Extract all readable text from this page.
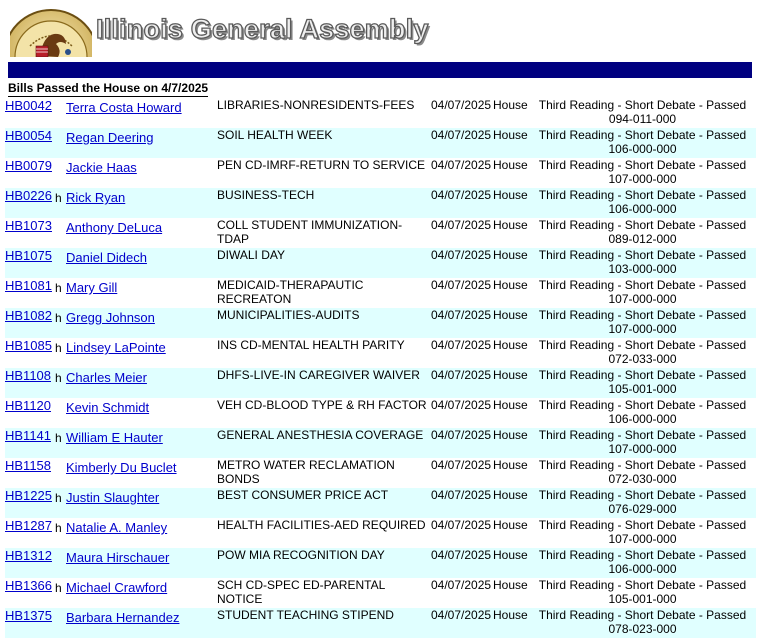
Illinois General Assembly
Bills Passed the House on 4/7/2025
HB0042		Terra Costa Howard	LIBRARIES-NONRESIDENTS-FEES	04/07/2025	House	Third Reading - Short Debate - Passed
094-011-000

HB0054		Regan Deering	SOIL HEALTH WEEK	04/07/2025	House	Third Reading - Short Debate - Passed
106-000-000

HB0079		Jackie Haas	PEN CD-IMRF-RETURN TO SERVICE	04/07/2025	House	Third Reading - Short Debate - Passed
107-000-000

HB0226	h	Rick Ryan	BUSINESS-TECH	04/07/2025	House	Third Reading - Short Debate - Passed
106-000-000

HB1073		Anthony DeLuca	COLL STUDENT IMMUNIZATION-TDAP	04/07/2025	House	Third Reading - Short Debate - Passed
089-012-000

HB1075		Daniel Didech	DIWALI DAY	04/07/2025	House	Third Reading - Short Debate - Passed
103-000-000

HB1081	h	Mary Gill	MEDICAID-THERAPAUTIC RECREATON	04/07/2025	House	Third Reading - Short Debate - Passed
107-000-000

HB1082	h	Gregg Johnson	MUNICIPALITIES-AUDITS	04/07/2025	House	Third Reading - Short Debate - Passed
107-000-000

HB1085	h	Lindsey LaPointe	INS CD-MENTAL HEALTH PARITY	04/07/2025	House	Third Reading - Short Debate - Passed
072-033-000

HB1108	h	Charles Meier	DHFS-LIVE-IN CAREGIVER WAIVER	04/07/2025	House	Third Reading - Short Debate - Passed
105-001-000

HB1120		Kevin Schmidt	VEH CD-BLOOD TYPE & RH FACTOR	04/07/2025	House	Third Reading - Short Debate - Passed
106-000-000

HB1141	h	William E Hauter	GENERAL ANESTHESIA COVERAGE	04/07/2025	House	Third Reading - Short Debate - Passed
107-000-000

HB1158		Kimberly Du Buclet	METRO WATER RECLAMATION BONDS	04/07/2025	House	Third Reading - Short Debate - Passed
072-030-000

HB1225	h	Justin Slaughter	BEST CONSUMER PRICE ACT	04/07/2025	House	Third Reading - Short Debate - Passed
076-029-000

HB1287	h	Natalie A. Manley	HEALTH FACILITIES-AED REQUIRED	04/07/2025	House	Third Reading - Short Debate - Passed
107-000-000

HB1312		Maura Hirschauer	POW MIA RECOGNITION DAY	04/07/2025	House	Third Reading - Short Debate - Passed
106-000-000

HB1366	h	Michael Crawford	SCH CD-SPEC ED-PARENTAL NOTICE	04/07/2025	House	Third Reading - Short Debate - Passed
105-001-000

HB1375		Barbara Hernandez	STUDENT TEACHING STIPEND	04/07/2025	House	Third Reading - Short Debate - Passed
078-023-000
